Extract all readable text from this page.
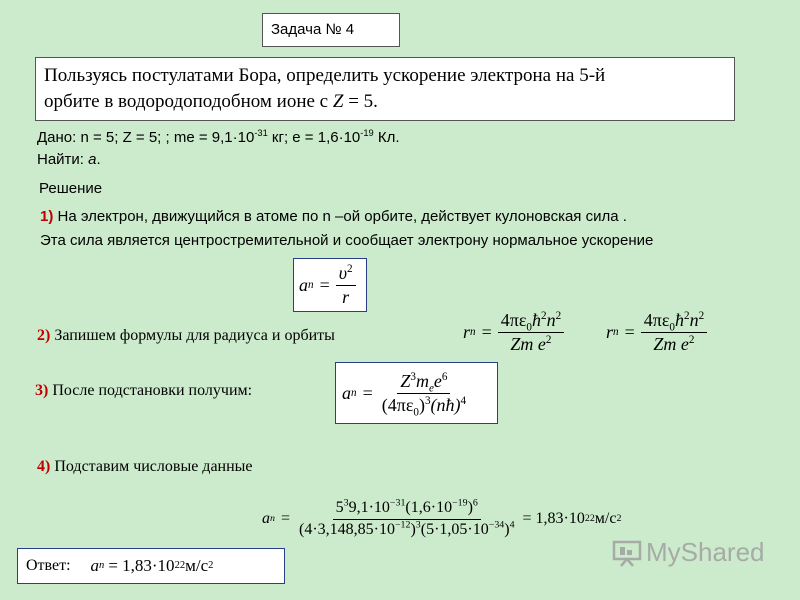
Задача № 4
Пользуясь постулатами Бора, определить ускорение электрона на 5-й
орбите в водородоподобном ионе с Z = 5.
Дано: n = 5; Z = 5; ; me = $9,1\cdot 10^{-31}$ кг; $е = 1,6\cdot 10^{-19}$ Кл.
Найти: a.
Решение
1) На электрон, движущийся в атоме по n –ой орбите, действует кулоновская сила .
Эта сила является центростремительной и сообщает электрону нормальное ускорение
a $n = \frac{\upsilon^2}{r}$
2) Запишем формулы для радиуса и орбиты	r $n = \frac{4\pi\varepsilon_0ħ^2n^2}{Zm e^2}$ r $n = \frac{4\pi\varepsilon_0ħ^2n^2}{Zm e^2}$
3) После подстановки получим:	a $n = \frac{Z^3m_ee^6}{(4\pi\varepsilon_0)^3(nħ)^4}$
4) Подставим числовые данные
a $n = \frac{5^39,1\cdot 10^{-31}(1,6\cdot 10^{-19})^6}{(4\cdot 3,148,85\cdot 10^{-12})^3(5\cdot 1,05\cdot 10^{-34})^4} = 1,83\cdot 10$ 22 м/с 2
Ответ: a n = 1,83·10 22 м/с 2	MyShared
